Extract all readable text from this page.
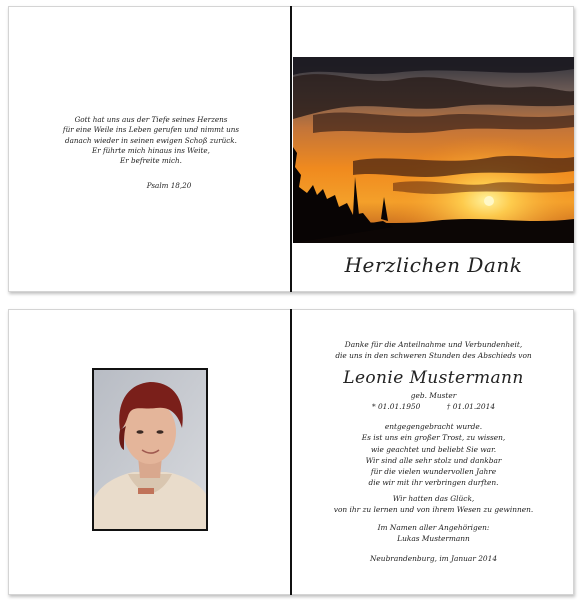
Gott hat uns aus der Tiefe seines Herzens
für eine Weile ins Leben gerufen und nimmt uns
danach wieder in seinen ewigen Schoß zurück.
Er führte mich hinaus ins Weite,
Er befreite mich.
Psalm 18,20
Herzlichen Dank
Danke für die Anteilnahme und Verbundenheit,
die uns in den schweren Stunden des Abschieds von
Leonie Mustermann
geb. Muster
* 01.01.1950	† 01.01.2014
entgegengebracht wurde.
Es ist uns ein großer Trost, zu wissen,
wie geachtet und beliebt Sie war.
Wir sind alle sehr stolz und dankbar
für die vielen wundervollen Jahre
die wir mit ihr verbringen durften.
Wir hatten das Glück,
von ihr zu lernen und von ihrem Wesen zu gewinnen.
Im Namen aller Angehörigen:
Lukas Mustermann
Neubrandenburg, im Januar 2014
